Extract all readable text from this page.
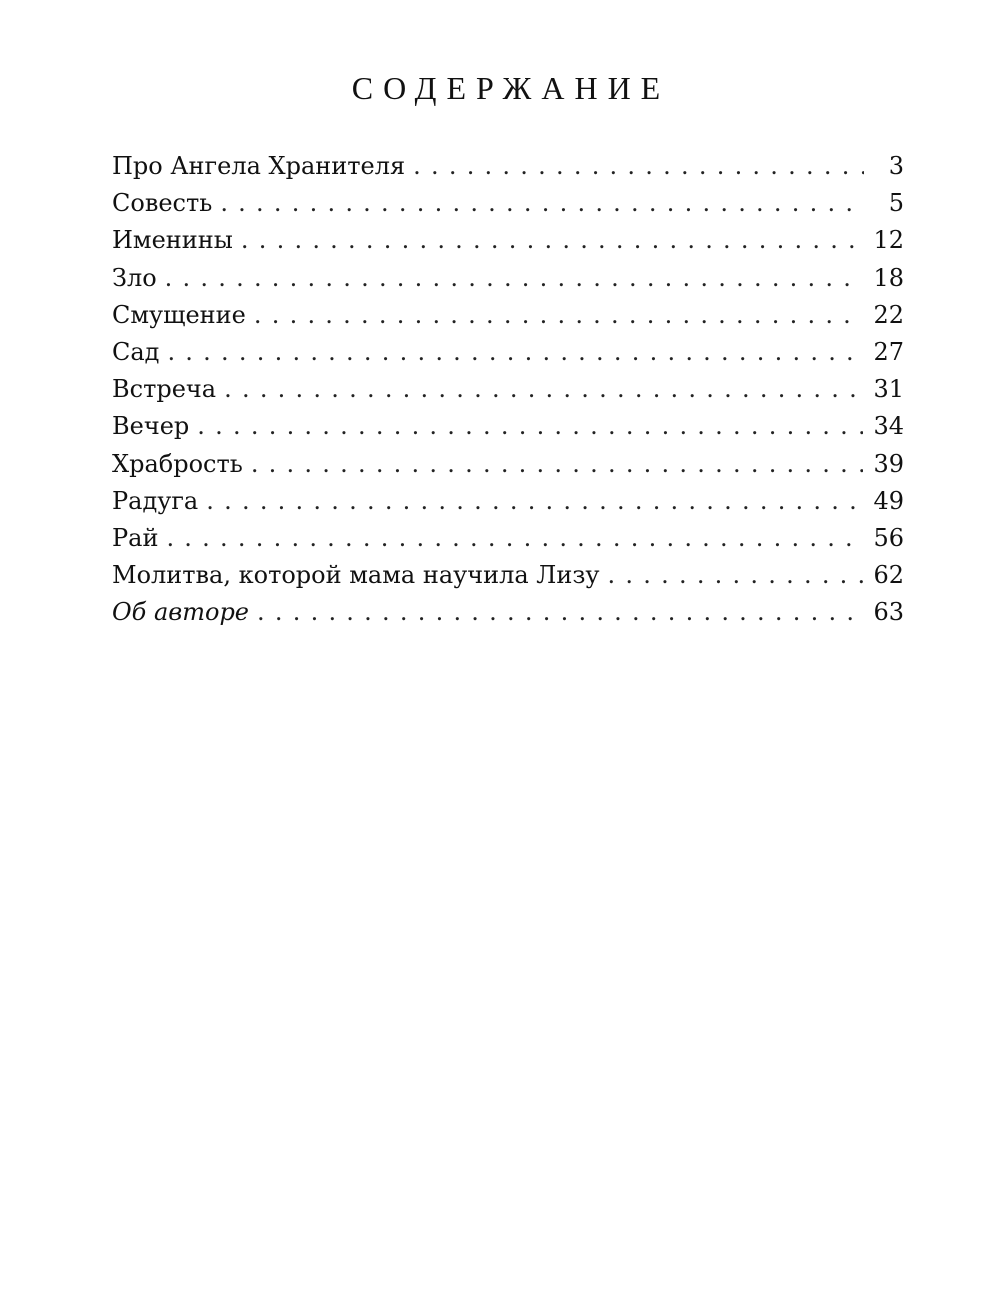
СОДЕРЖАНИЕ
Про Ангела Хранителя . . .	3
Совесть . . .	5
Именины . . .	12
Зло . . .	18
Смущение . . .	22
Сад . . .	27
Встреча . . .	31
Вечер . . .	34
Храбрость . . .	39
Радуга . . .	49
Рай . . .	56
Молитва, которой мама научила Лизу . . .	62
Об авторе . . .	63
